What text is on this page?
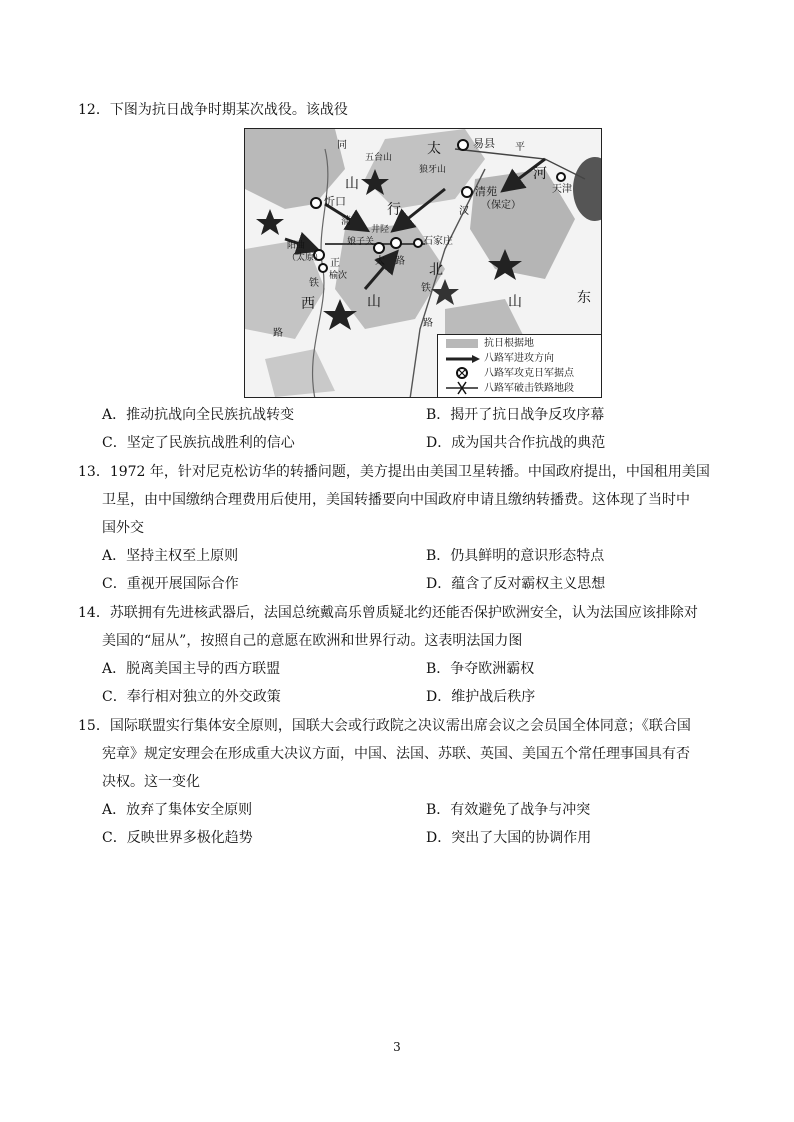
12．下图为抗日战争时期某次战役。该战役
易县
五台山
狼牙山
清苑
（保定）
天津
忻口
阳曲
（太原）
娘子关
井陉
石家庄
榆次
太
山
行
山
河
北
山	东
西
平
汉
路
铁
同
蒲
正	太
路
铁
路
抗日根据地
八路军进攻方向
八路军攻克日军据点
八路军破击铁路地段
A．推动抗战向全民族抗战转变	B．揭开了抗日战争反攻序幕
C．坚定了民族抗战胜利的信心	D．成为国共合作抗战的典范
13．1972 年，针对尼克松访华的转播问题，美方提出由美国卫星转播。中国政府提出，中国租用美国
卫星，由中国缴纳合理费用后使用，美国转播要向中国政府申请且缴纳转播费。这体现了当时中
国外交
A．坚持主权至上原则	B．仍具鲜明的意识形态特点
C．重视开展国际合作	D．蕴含了反对霸权主义思想
14．苏联拥有先进核武器后，法国总统戴高乐曾质疑北约还能否保护欧洲安全，认为法国应该排除对
美国的“屈从”，按照自己的意愿在欧洲和世界行动。这表明法国力图
A．脱离美国主导的西方联盟	B．争夺欧洲霸权
C．奉行相对独立的外交政策	D．维护战后秩序
15．国际联盟实行集体安全原则，国联大会或行政院之决议需出席会议之会员国全体同意；《联合国
宪章》规定安理会在形成重大决议方面，中国、法国、苏联、英国、美国五个常任理事国具有否
决权。这一变化
A．放弃了集体安全原则	B．有效避免了战争与冲突
C．反映世界多极化趋势	D．突出了大国的协调作用
3
